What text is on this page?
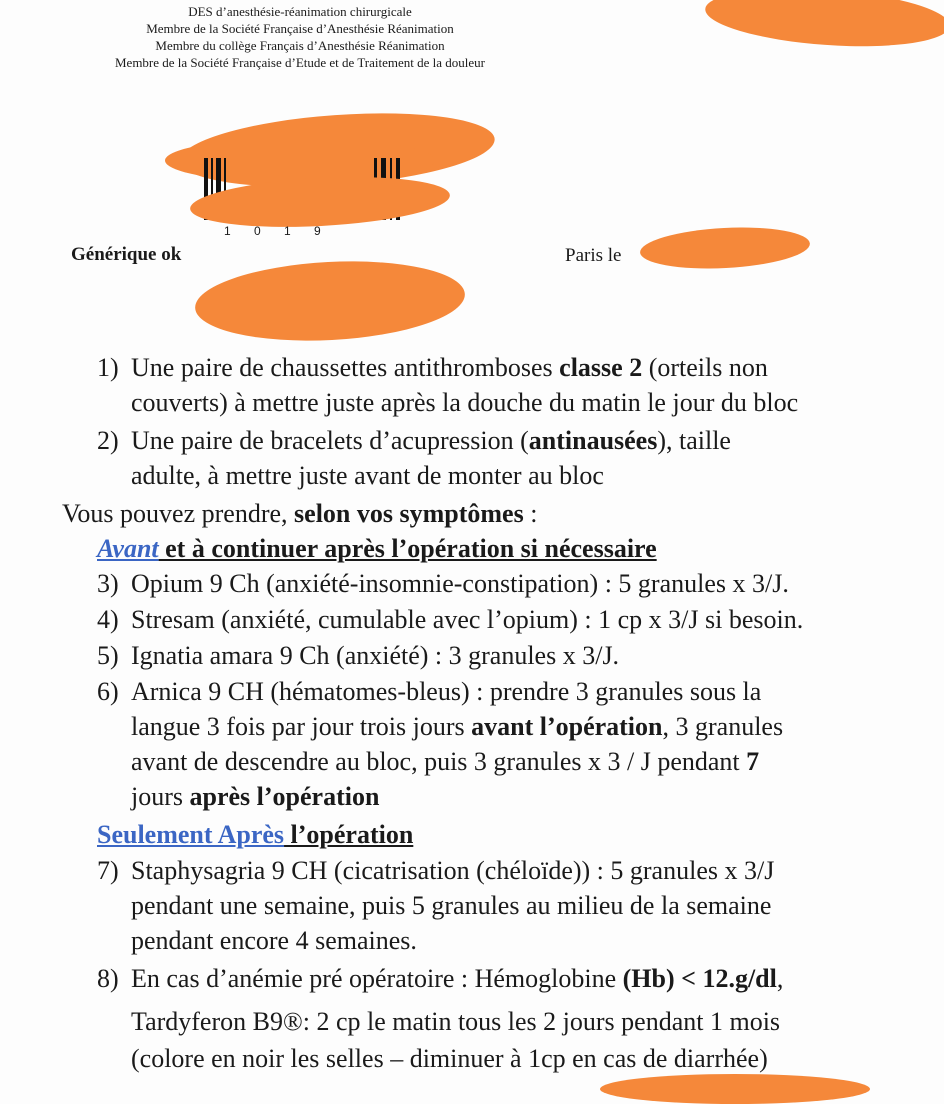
DES d’anesthésie-réanimation chirurgicale
Membre de la Société Française d’Anesthésie Réanimation
Membre du collège Français d’Anesthésie Réanimation
Membre de la Société Française d’Etude et de Traitement de la douleur
1 0 1 9
Générique ok	Paris le
1) Une paire de chaussettes antithromboses classe 2 (orteils non
couverts) à mettre juste après la douche du matin le jour du bloc
2) Une paire de bracelets d’acupression (antinausées), taille
adulte, à mettre juste avant de monter au bloc
Vous pouvez prendre, selon vos symptômes :
Avant et à continuer après l’opération si nécessaire
3) Opium 9 Ch (anxiété-insomnie-constipation) : 5 granules x 3/J.
4) Stresam (anxiété, cumulable avec l’opium) : 1 cp x 3/J si besoin.
5) Ignatia amara 9 Ch (anxiété) : 3 granules x 3/J.
6) Arnica 9 CH (hématomes-bleus) : prendre 3 granules sous la
langue 3 fois par jour trois jours avant l’opération, 3 granules
avant de descendre au bloc, puis 3 granules x 3 / J pendant 7
jours après l’opération
Seulement Après l’opération
7) Staphysagria 9 CH (cicatrisation (chéloïde)) : 5 granules x 3/J
pendant une semaine, puis 5 granules au milieu de la semaine
pendant encore 4 semaines.
8) En cas d’anémie pré opératoire : Hémoglobine (Hb) < 12.g/dl,
Tardyferon B9®: 2 cp le matin tous les 2 jours pendant 1 mois
(colore en noir les selles – diminuer à 1cp en cas de diarrhée)
